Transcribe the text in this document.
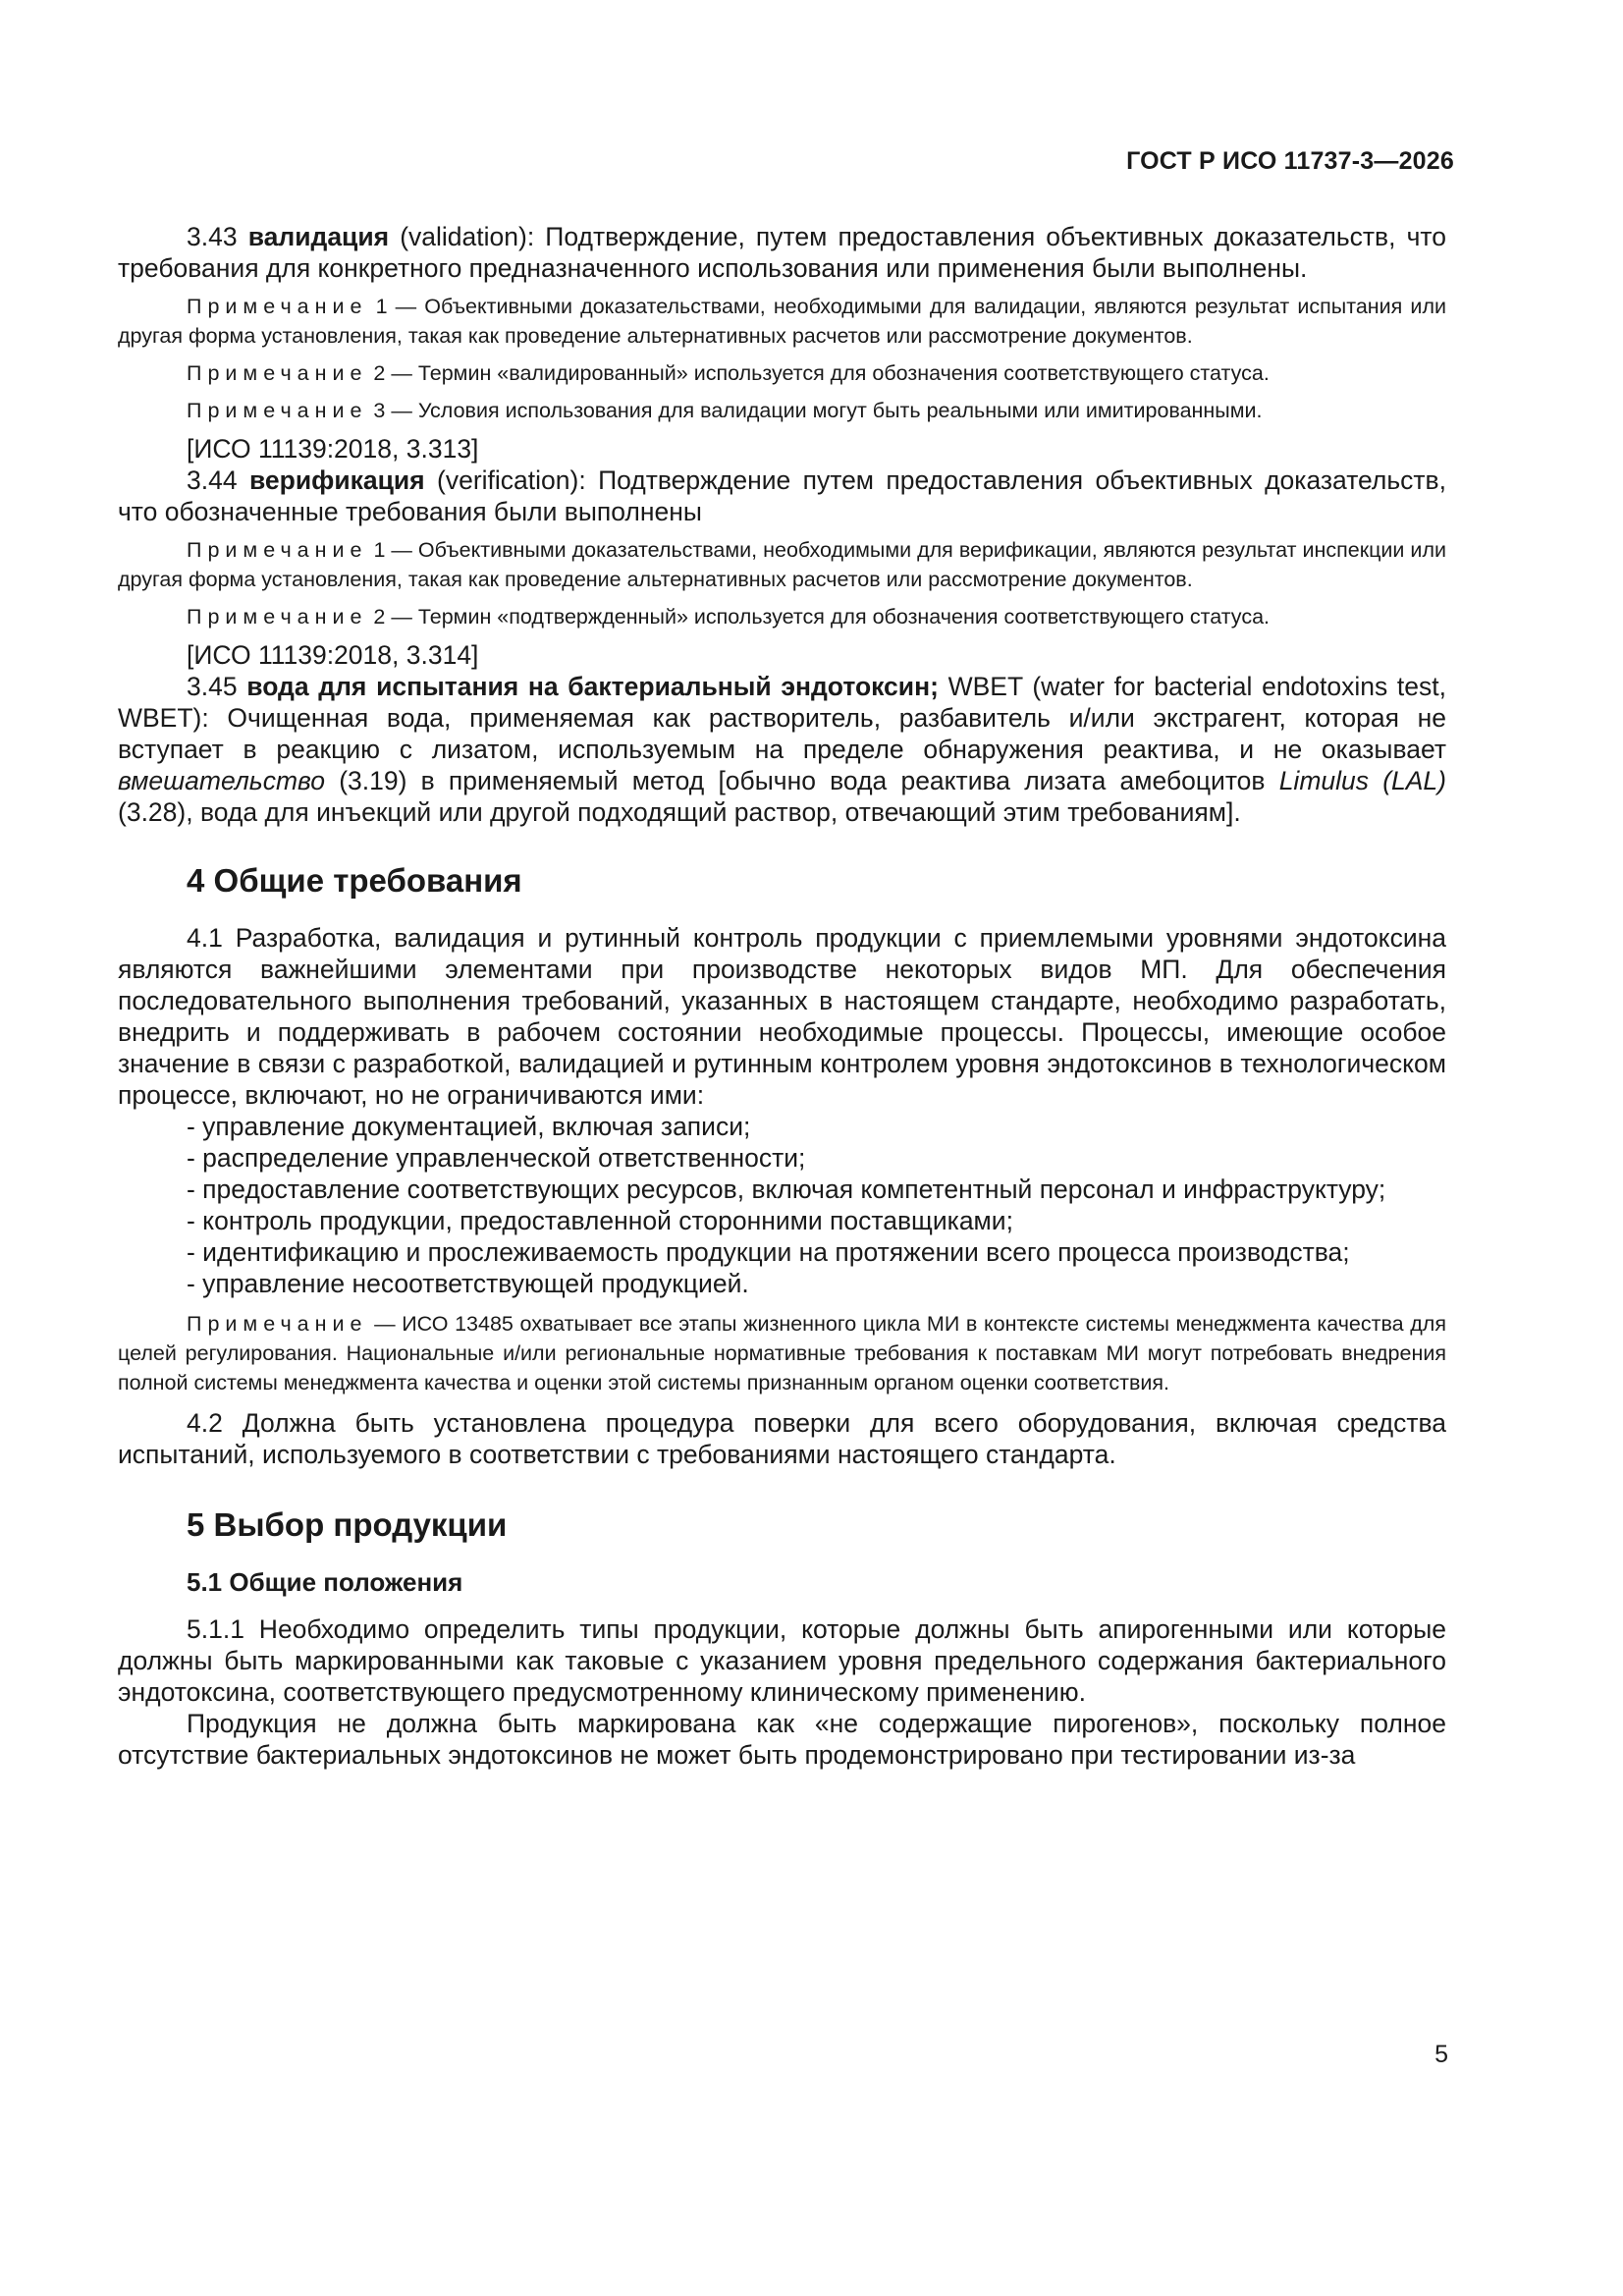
ГОСТ Р ИСО 11737-3—2026

3.43 валидация (validation): Подтверждение, путем предоставления объективных доказательств, что требования для конкретного предназначенного использования или применения были выполнены.

Примечание 1 — Объективными доказательствами, необходимыми для валидации, являются результат испытания или другая форма установления, такая как проведение альтернативных расчетов или рассмотрение документов.
Примечание 2 — Термин «валидированный» используется для обозначения соответствующего статуса.
Примечание 3 — Условия использования для валидации могут быть реальными или имитированными.

[ИСО 11139:2018, 3.313]

3.44 верификация (verification): Подтверждение путем предоставления объективных доказательств, что обозначенные требования были выполнены

Примечание 1 — Объективными доказательствами, необходимыми для верификации, являются результат инспекции или другая форма установления, такая как проведение альтернативных расчетов или рассмотрение документов.
Примечание 2 — Термин «подтвержденный» используется для обозначения соответствующего статуса.

[ИСО 11139:2018, 3.314]

3.45 вода для испытания на бактериальный эндотоксин; WBET (water for bacterial endotoxins test, WBET): Очищенная вода, применяемая как растворитель, разбавитель и/или экстрагент, которая не вступает в реакцию с лизатом, используемым на пределе обнаружения реактива, и не оказывает вмешательство (3.19) в применяемый метод [обычно вода реактива лизата амебоцитов Limulus (LAL) (3.28), вода для инъекций или другой подходящий раствор, отвечающий этим требованиям].

4 Общие требования

4.1 Разработка, валидация и рутинный контроль продукции с приемлемыми уровнями эндотоксина являются важнейшими элементами при производстве некоторых видов МП. Для обеспечения последовательного выполнения требований, указанных в настоящем стандарте, необходимо разработать, внедрить и поддерживать в рабочем состоянии необходимые процессы. Процессы, имеющие особое значение в связи с разработкой, валидацией и рутинным контролем уровня эндотоксинов в технологическом процессе, включают, но не ограничиваются ими:

- управление документацией, включая записи;

- распределение управленческой ответственности;

- предоставление соответствующих ресурсов, включая компетентный персонал и инфраструктуру;

- контроль продукции, предоставленной сторонними поставщиками;

- идентификацию и прослеживаемость продукции на протяжении всего процесса производства;

- управление несоответствующей продукцией.

Примечание — ИСО 13485 охватывает все этапы жизненного цикла МИ в контексте системы менеджмента качества для целей регулирования. Национальные и/или региональные нормативные требования к поставкам МИ могут потребовать внедрения полной системы менеджмента качества и оценки этой системы признанным органом оценки соответствия.

4.2 Должна быть установлена процедура поверки для всего оборудования, включая средства испытаний, используемого в соответствии с требованиями настоящего стандарта.

5 Выбор продукции
5.1 Общие положения

5.1.1 Необходимо определить типы продукции, которые должны быть апирогенными или которые должны быть маркированными как таковые с указанием уровня предельного содержания бактериального эндотоксина, соответствующего предусмотренному клиническому применению.

Продукция не должна быть маркирована как «не содержащие пирогенов», поскольку полное отсутствие бактериальных эндотоксинов не может быть продемонстрировано при тестировании из-за

5
